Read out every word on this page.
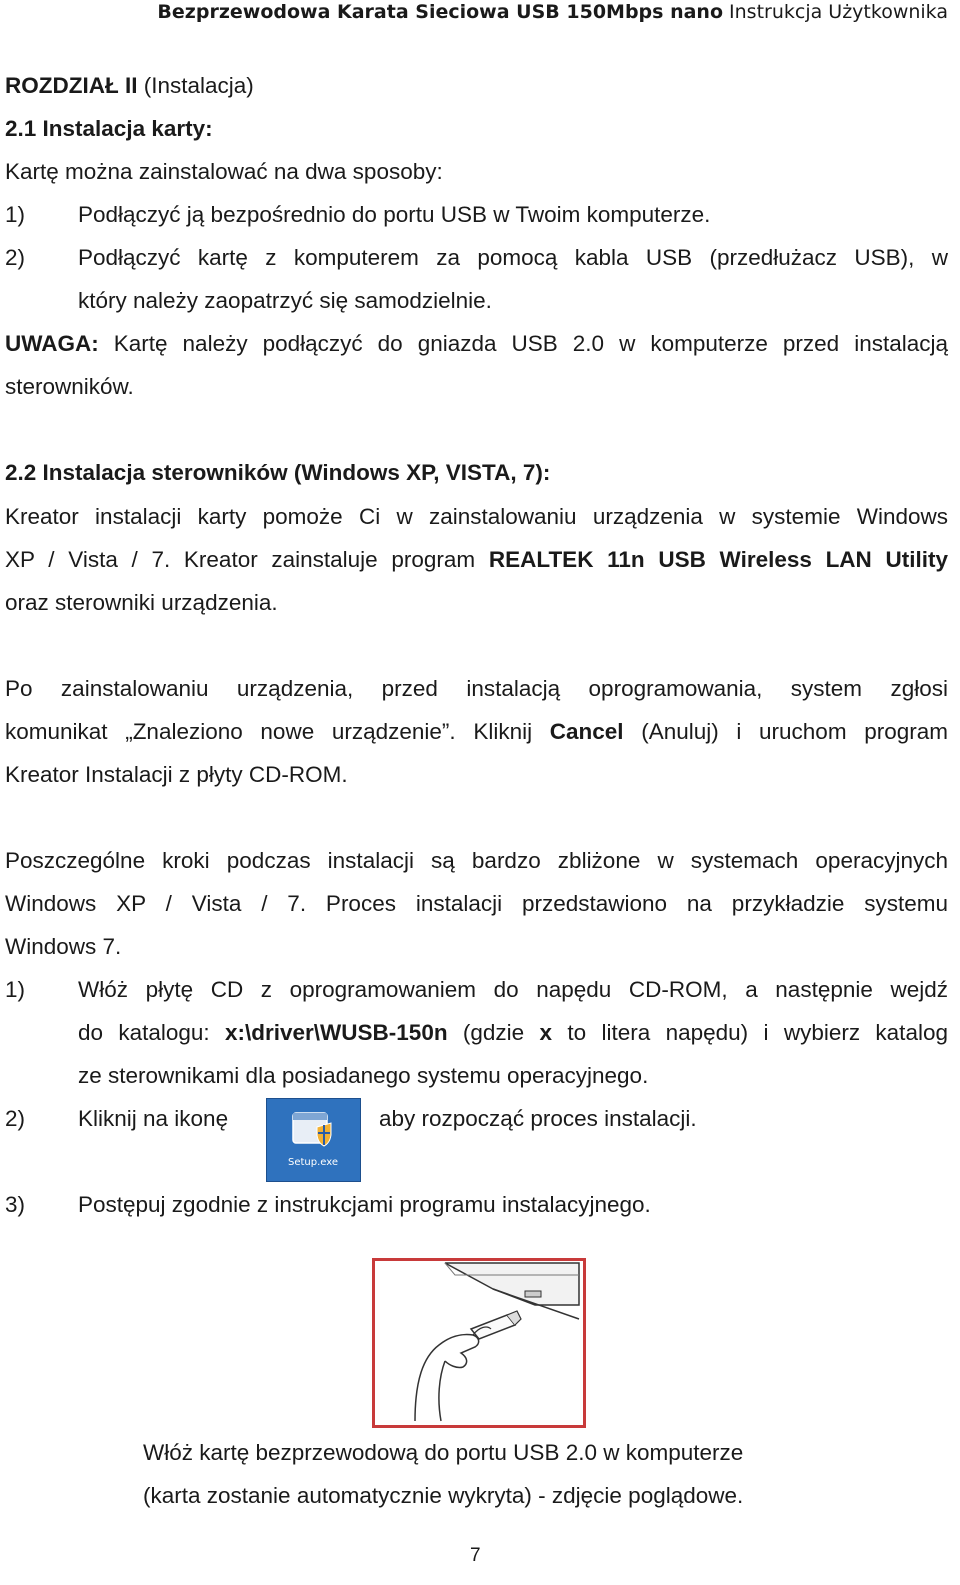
Bezprzewodowa Karata Sieciowa USB 150Mbps nano Instrukcja Użytkownika
ROZDZIAŁ II (Instalacja)
2.1 Instalacja karty:
Kartę można zainstalować na dwa sposoby:
1)	Podłączyć ją bezpośrednio do portu USB w Twoim komputerze.
2)	Podłączyć kartę z komputerem za pomocą kabla USB (przedłużacz USB), w
który należy zaopatrzyć się samodzielnie.
UWAGA: Kartę należy podłączyć do gniazda USB 2.0 w komputerze przed instalacją
sterowników.
2.2 Instalacja sterowników (Windows XP, VISTA, 7):
Kreator instalacji karty pomoże Ci w zainstalowaniu urządzenia w systemie Windows
XP / Vista / 7. Kreator zainstaluje program REALTEK 11n USB Wireless LAN Utility
oraz sterowniki urządzenia.
Po zainstalowaniu urządzenia, przed instalacją oprogramowania, system zgłosi
komunikat „Znaleziono nowe urządzenie”. Kliknij Cancel (Anuluj) i uruchom program
Kreator Instalacji z płyty CD-ROM.
Poszczególne kroki podczas instalacji są bardzo zbliżone w systemach operacyjnych
Windows XP / Vista / 7. Proces instalacji przedstawiono na przykładzie systemu
Windows 7.
1)	Włóż płytę CD z oprogramowaniem do napędu CD-ROM, a następnie wejdź
do katalogu: x:\driver\WUSB-150n (gdzie x to litera napędu) i wybierz katalog
ze sterownikami dla posiadanego systemu operacyjnego.
2)	Kliknij na ikonę
Setup.exe
aby rozpocząć proces instalacji.
3)	Postępuj zgodnie z instrukcjami programu instalacyjnego.
Włóż kartę bezprzewodową do portu USB 2.0 w komputerze
(karta zostanie automatycznie wykryta) - zdjęcie poglądowe.
7
